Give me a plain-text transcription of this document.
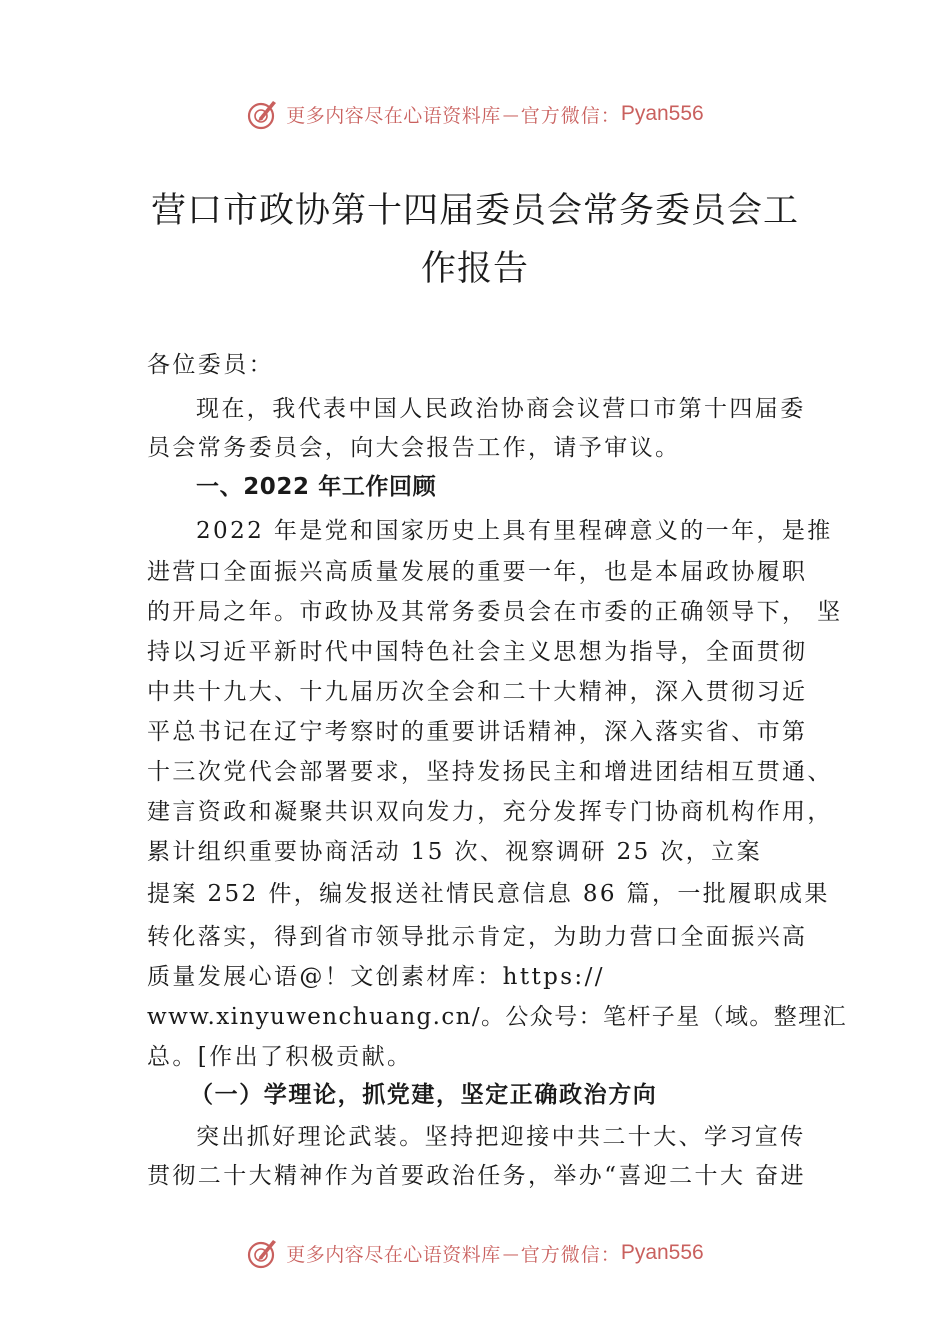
更多内容尽在心语资料库 — 官方微信： Pyan556
营口市政协第十四届委员会常务委员会工
作报告
各位委员：
现在，我代表中国人民政治协商会议营口市第十四届委
员会常务委员会，向大会报告工作，请予审议。
一、2022 年工作回顾
2022 年是党和国家历史上具有里程碑意义的一年，是推
进营口全面振兴高质量发展的重要一年，也是本届政协履职
的开局之年。市政协及其常务委员会在市委的正确领导下， 坚
持以习近平新时代中国特色社会主义思想为指导，全面贯彻
中共十九大、十九届历次全会和二十大精神，深入贯彻习近
平总书记在辽宁考察时的重要讲话精神，深入落实省、市第
十三次党代会部署要求，坚持发扬民主和增进团结相互贯通、
建言资政和凝聚共识双向发力，充分发挥专门协商机构作用，
累计组织重要协商活动 15 次、视察调研 25 次，立案
提案 252 件，编发报送社情民意信息 86 篇，一批履职成果
转化落实，得到省市领导批示肯定，为助力营口全面振兴高
质量发展心语@！文创素材库：https://
www.xinyuwenchuang.cn/。公众号：笔杆子星（域。整理汇
总。[作出了积极贡献。
（一）学理论，抓党建，坚定正确政治方向
突出抓好理论武装。坚持把迎接中共二十大、学习宣传
贯彻二十大精神作为首要政治任务，举办“喜迎二十大 奋进
更多内容尽在心语资料库 — 官方微信： Pyan556
